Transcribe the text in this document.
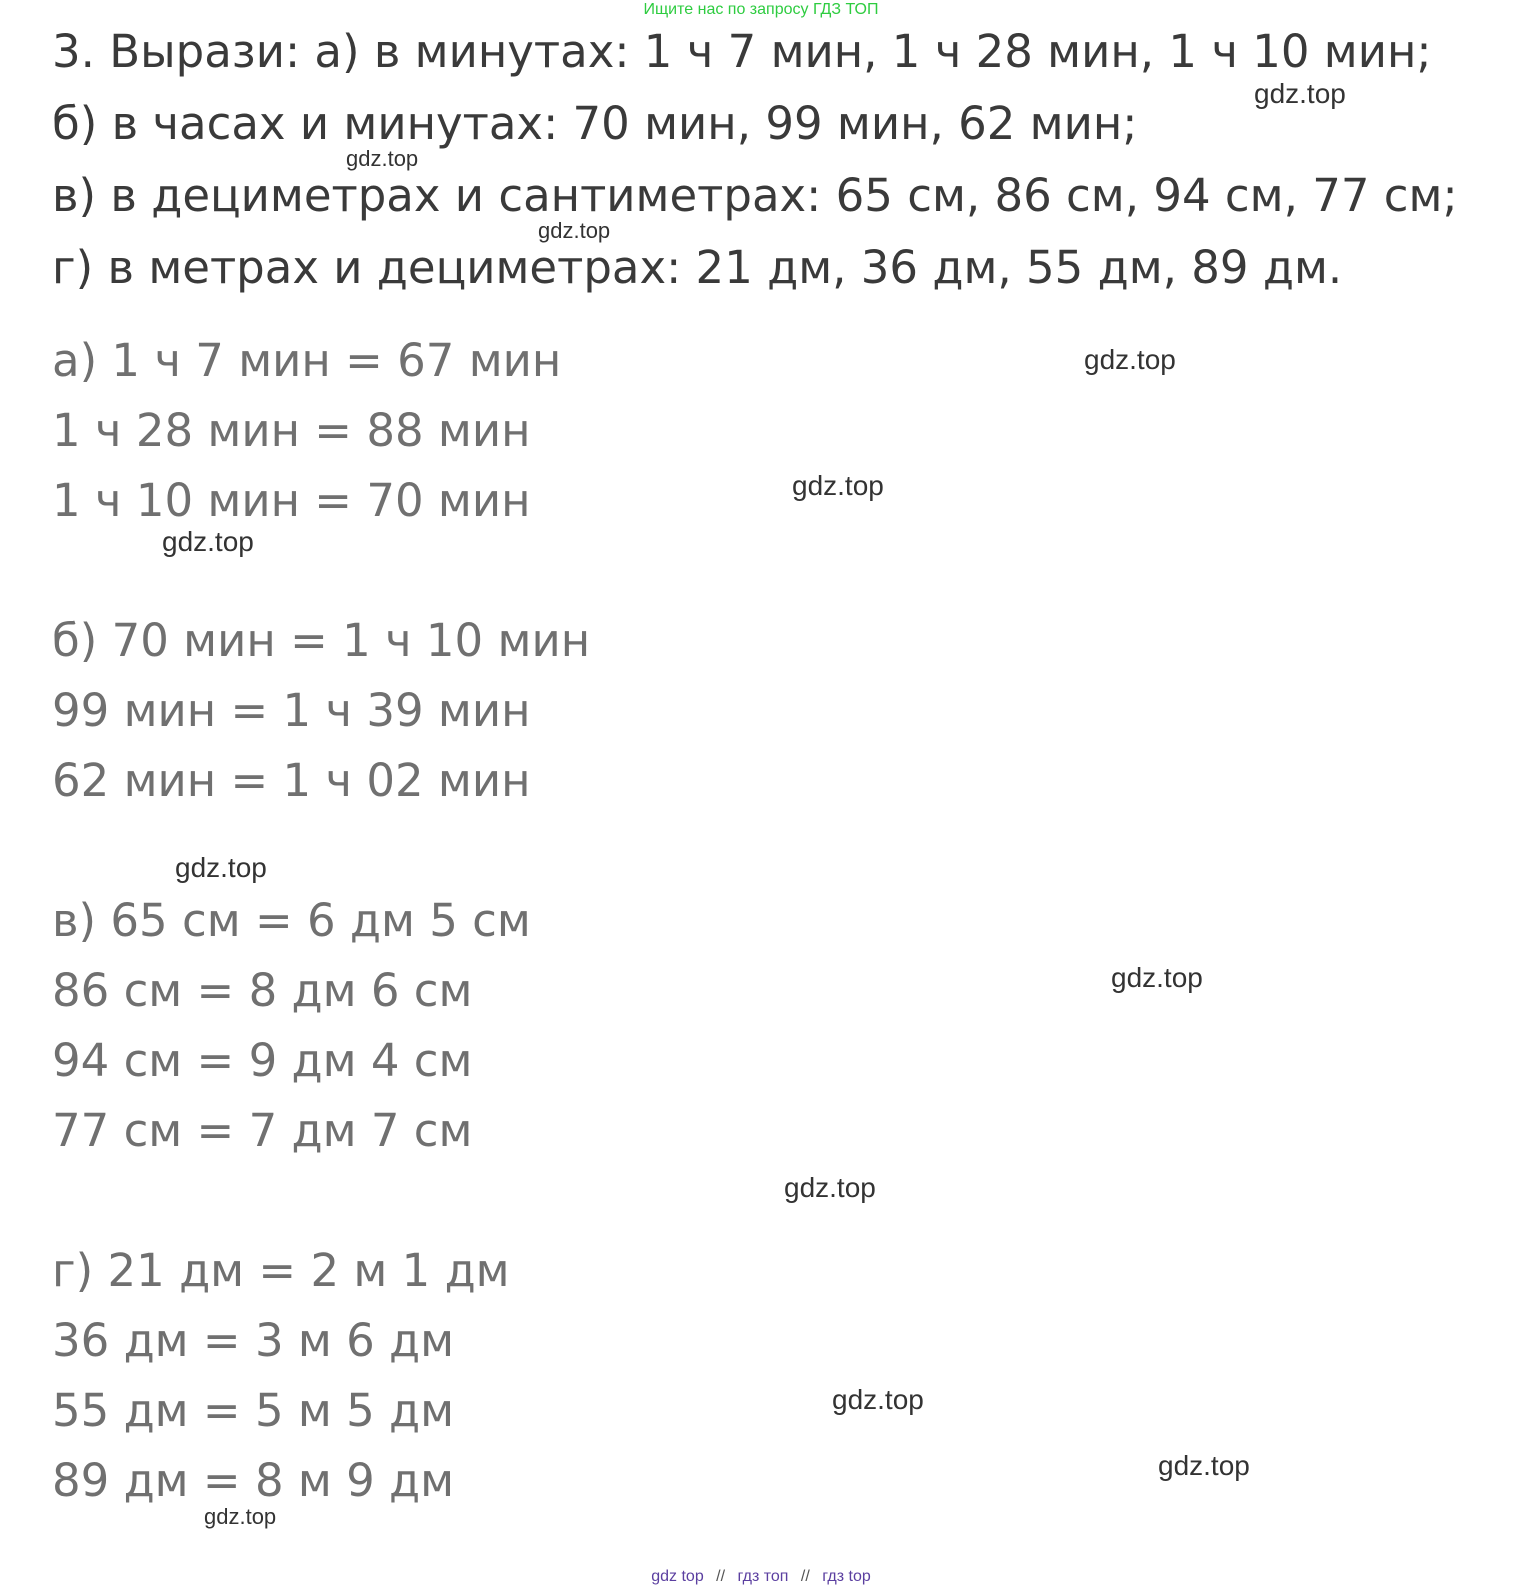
Ищите нас по запросу ГДЗ ТОП
3. Вырази: а) в минутах: 1 ч 7 мин, 1 ч 28 мин, 1 ч 10 мин;
б) в часах и минутах: 70 мин, 99 мин, 62 мин;
в) в дециметрах и сантиметрах: 65 см, 86 см, 94 см, 77 см;
г) в метрах и дециметрах: 21 дм, 36 дм, 55 дм, 89 дм.
а) 1 ч 7 мин = 67 мин
1 ч 28 мин = 88 мин
1 ч 10 мин = 70 мин
б) 70 мин = 1 ч 10 мин
99 мин = 1 ч 39 мин
62 мин = 1 ч 02 мин
в) 65 см = 6 дм 5 см
86 см = 8 дм 6 см
94 см = 9 дм 4 см
77 см = 7 дм 7 см
г) 21 дм = 2 м 1 дм
36 дм = 3 м 6 дм
55 дм = 5 м 5 дм
89 дм = 8 м 9 дм
gdz.top
gdz.top
gdz.top
gdz.top
gdz.top
gdz.top
gdz.top
gdz.top
gdz.top
gdz.top
gdz.top
gdz.top
gdz top // гдз топ // гдз top
